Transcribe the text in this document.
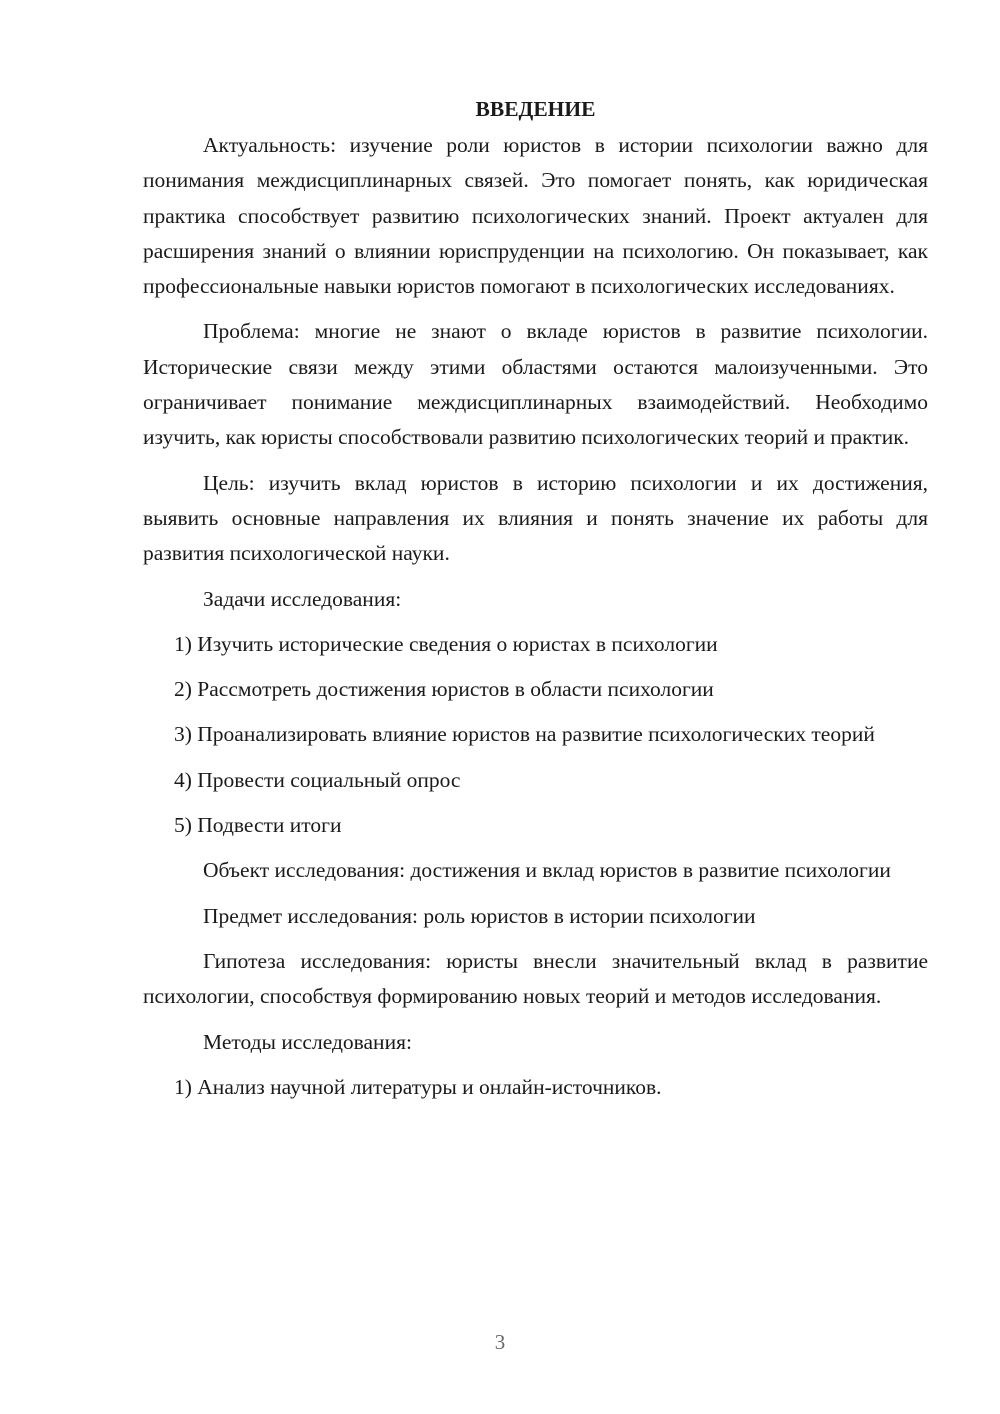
ВВЕДЕНИЕ

Актуальность: изучение роли юристов в истории психологии важно для понимания междисциплинарных связей. Это помогает понять, как юридическая практика способствует развитию психологических знаний. Проект актуален для расширения знаний о влиянии юриспруденции на психологию. Он показывает, как профессиональные навыки юристов помогают в психологических исследованиях.

Проблема: многие не знают о вкладе юристов в развитие психологии. Исторические связи между этими областями остаются малоизученными. Это ограничивает понимание междисциплинарных взаимодействий. Необходимо изучить, как юристы способствовали развитию психологических теорий и практик.

Цель: изучить вклад юристов в историю психологии и их достижения, выявить основные направления их влияния и понять значение их работы для развития психологической науки.

Задачи исследования:

1) Изучить исторические сведения о юристах в психологии

2) Рассмотреть достижения юристов в области психологии

3) Проанализировать влияние юристов на развитие психологических теорий

4) Провести социальный опрос

5) Подвести итоги

Объект исследования: достижения и вклад юристов в развитие психологии

Предмет исследования: роль юристов в истории психологии

Гипотеза исследования: юристы внесли значительный вклад в развитие психологии, способствуя формированию новых теорий и методов исследования.

Методы исследования:

1) Анализ научной литературы и онлайн-источников.

3
